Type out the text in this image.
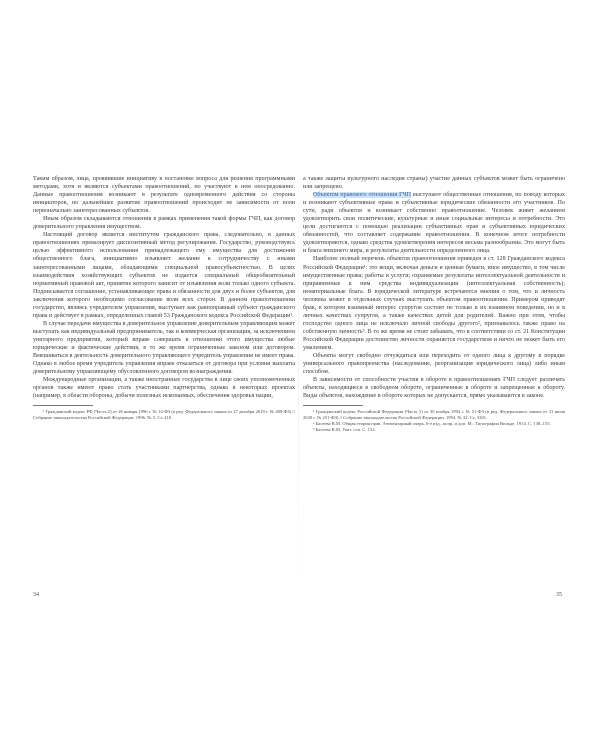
Таким образом, лица, проявившие инициативу в постановке вопроса для решения программными методами, хотя и являются субъектами правоотношений, но участвуют в нем опосредованно. Данные правоотношения возникают в результате одновременного действия со стороны инициаторов, но дальнейшее развитие правоотношений происходит не зависимости от воли первоначально заинтересованных субъектов.

Иным образом складываются отношения в рамках применения такой формы ГЧП, как договор доверительного управления имуществом.

Настоящий договор является институтом гражданского права, следовательно, в данных правоотношениях превалирует диспозитивный метод регулирования. Государство, руководствуясь целью эффективного использования принадлежащего ему имущества для достижения общественного блага, инициативно изъявляет желание к сотрудничеству с иными заинтересованными лицами, обладающими специальной правосубъектностью. В целях взаимодействия хозяйствующих субъектов не издается специальный общеобязательный нормативный правовой акт, принятие которого зависит от изъявления воли только одного субъекта. Подписывается соглашение, устанавливающее права и обязанности для двух и более субъектов, для заключения которого необходимо согласование воли всех сторон. В данном правоотношении государство, являясь учредителем управления, выступает как равноправный субъект гражданского права и действует в рамках, определенных главой 53 Гражданского кодекса Российской Федерации¹.

В случае передачи имущества в доверительное управление доверительным управляющим может выступать как индивидуальный предприниматель, так и коммерческая организация, за исключением унитарного предприятия, который вправе совершать в отношении этого имущества любые юридические и фактические действия, в то же время ограниченные законом или договором. Вмешиваться в деятельность доверительного управляющего учредитель управления не имеет права. Однако в любое время учредитель управления вправе отказаться от договора при условии выплаты доверительному управляющему обусловленного договором вознаграждения.

Международные организации, а также иностранные государства в лице своих уполномоченных органов также имеют право стать участниками партнерства, однако в некоторых проектах (например, в области обороны, добычи полезных ископаемых, обеспечения здоровья нации,

¹ Гражданский кодекс РФ (Часть 2) от 26 января 1996 г. № 14-ФЗ (в ред. Федерального закона от 27 декабря 2019 г. № 489-ФЗ) // Собрание законодательства Российской Федерации. 1996. № 5. Ст. 410.

34

а также защиты культурного наследия страны) участие данных субъектов может быть ограничено или запрещено.

Объектом правового отношения ГЧП выступают общественные отношения, по поводу которых и возникают субъективные права и субъективные юридические обязанности его участников. По сути, ради объектов и возникает собственно правоотношение. Человек живет желанием удовлетворить свои политические, культурные и иные социальные интересы и потребности. Это цели достигаются с помощью реализации субъективных прав и субъективных юридических обязанностей, что составляет содержание правоотношения. В конечном итоге потребности удовлетворяются, однако средства удовлетворения интересов весьма разнообразны. Это могут быть и блага внешнего мира, и результаты деятельности определенного лица.

Наиболее полный перечень объектов правоотношения приведен в ст. 128 Гражданского кодекса Российской Федерации¹: это вещи, включая деньги и ценные бумаги, иное имущество, в том числе имущественные права; работы и услуги; охраняемые результаты интеллектуальной деятельности и приравненные к ним средства индивидуализации (интеллектуальная собственность); нематериальные блага. В юридической литературе встречаются мнения о том, что и личность человека может в отдельных случаях выступать объектом правоотношения. Примером приводят брак, в котором взаимный интерес супругов состоит не только в их взаимном поведении, но и в личных качествах супругов, а также качествах детей для родителей. Важно при этом, чтобы господство одного лица не исключало личной свободы другого², признавалось также право на собственную личность³. В то же время не стоит забывать, что в соответствии со ст. 21 Конституции Российской Федерации достоинство личности охраняется государством и ничто не может быть его умалением.

Объекты могут свободно отчуждаться или переходить от одного лица к другому в порядке универсального правопреемства (наследование, реорганизация юридического лица) либо иным способом.

В зависимости от способности участия в обороте в правоотношениях ГЧП следует различать объекты, находящиеся в свободном обороте, ограниченные в обороте и запрещенные к обороту. Виды объектов, нахождение в обороте которых не допускается, прямо указываются в законе.

¹ Гражданский кодекс Российской Федерации (Часть 1) от 30 ноября 1994 г. № 51-ФЗ (в ред. Федерального закона от 31 июля 2020 г. № 251-ФЗ) // Собрание законодательства Российской Федерации. 1994. № 32. Ст. 3301.

² Басеева В.М. Общая теория прав. Элементарный очерк. 6-е изд., испр. и доп. М.: Типография Вильде, 1914. С. 138–155.

³ Басеева В.М. Указ. соч. С. 152.

35
